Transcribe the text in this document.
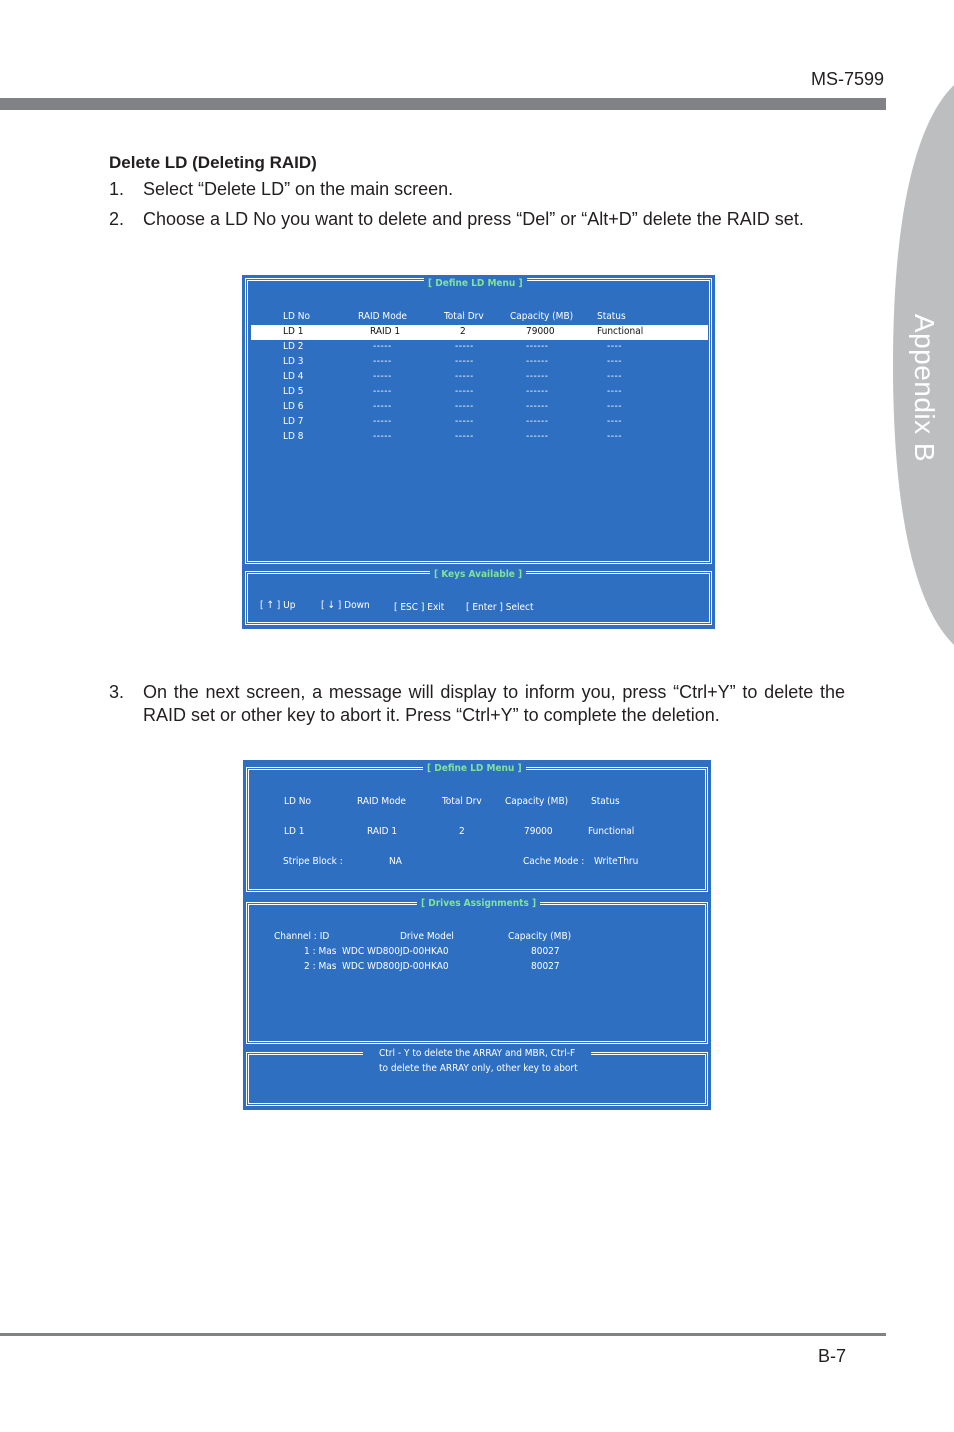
MS-7599
Appendix B
Delete LD (Deleting RAID)
1. Select “Delete LD” on the main screen.
2. Choose a LD No you want to delete and press “Del” or “Alt+D” delete the RAID set.
[ Define LD Menu ]
LD No	RAID Mode	Total Drv	Capacity (MB) Status
LD 1	RAID 1	2	79000	Functional
LD 2	-----	-----	------	----
LD 3	-----	-----	------	----
LD 4	-----	-----	------	----
LD 5	-----	-----	------	----
LD 6	-----	-----	------	----
LD 7	-----	-----	------	----
LD 8	-----	-----	------	----
[ Keys Available ]
[ ↑ ] Up	[ ↓ ] Down [ ESC ] Exit [ Enter ] Select
3. On the next screen, a message will display to inform you, press “Ctrl+Y” to delete the RAID set or other key to abort it. Press “Ctrl+Y” to complete the deletion.
[ Define LD Menu ]
LD No	RAID Mode	Total Drv Capacity (MB) Status
LD 1	RAID 1	2	79000	Functional
Stripe Block :	NA	Cache Mode : WriteThru
[ Drives Assignments ]
Channel : ID	Drive Model	Capacity (MB)
1 : Mas WDC WD800JD-00HKA0	80027
2 : Mas WDC WD800JD-00HKA0	80027
Ctrl - Y to delete the ARRAY and MBR, Ctrl-F
to delete the ARRAY only, other key to abort
B-7
